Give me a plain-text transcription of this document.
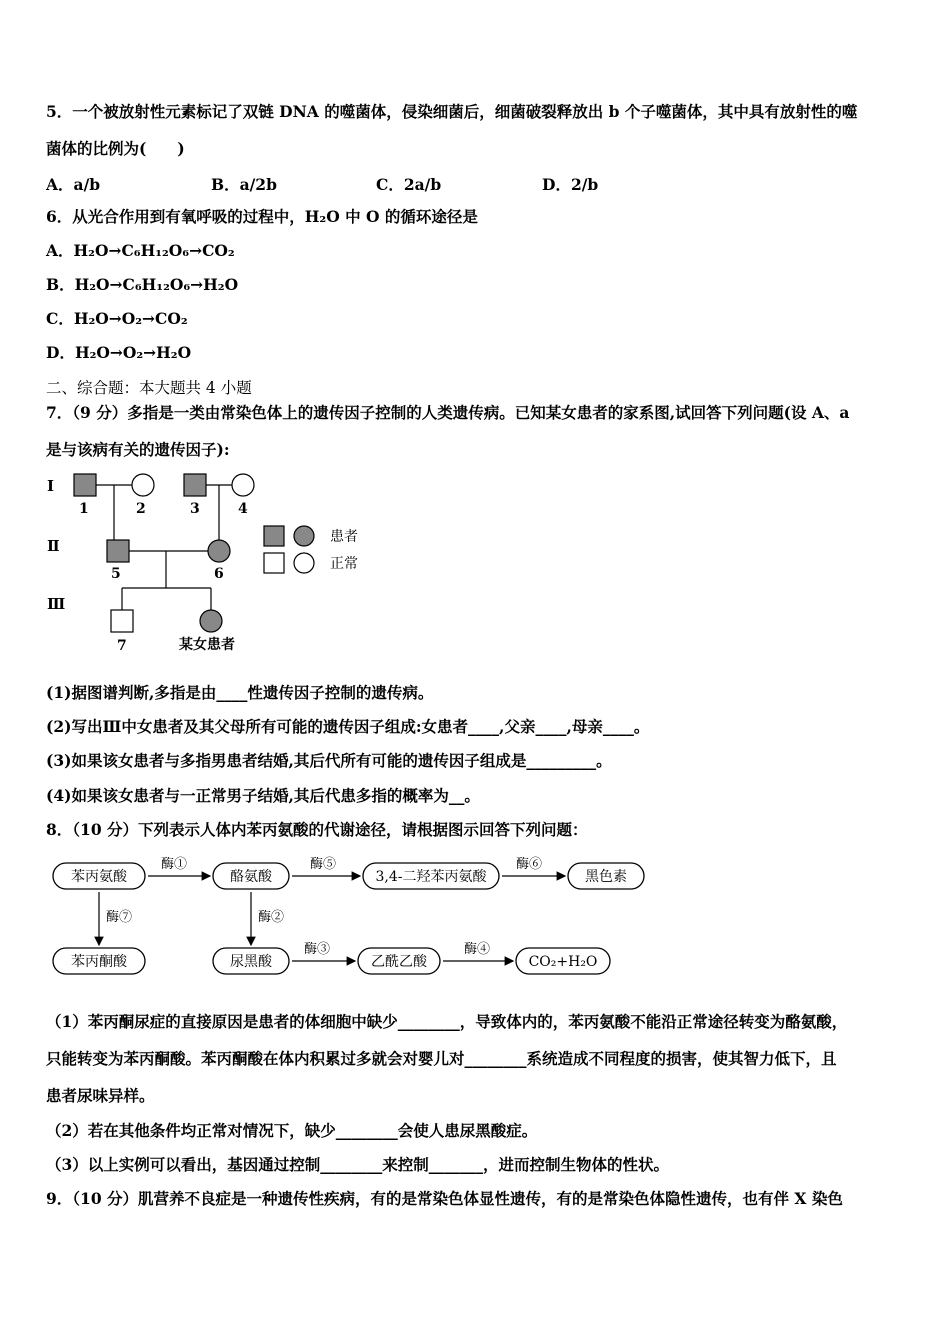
5．一个被放射性元素标记了双链 DNA 的噬菌体，侵染细菌后，细菌破裂释放出 b 个子噬菌体，其中具有放射性的噬
菌体的比例为(　　)
A．a/b	B．a/2b	C．2a/b	D．2/b
6．从光合作用到有氧呼吸的过程中，H₂O 中 O 的循环途径是
A．H₂O→C₆H₁₂O₆→CO₂
B．H₂O→C₆H₁₂O₆→H₂O
C．H₂O→O₂→CO₂
D．H₂O→O₂→H₂O
二、综合题：本大题共 4 小题
7．（9 分）多指是一类由常染色体上的遗传因子控制的人类遗传病。已知某女患者的家系图,试回答下列问题(设 A、a
是与该病有关的遗传因子):
Ⅰ
Ⅱ
Ⅲ
1	2	3	4
5	6
7	某女患者
患者
正常
(1)据图谱判断,多指是由____性遗传因子控制的遗传病。
(2)写出Ⅲ中女患者及其父母所有可能的遗传因子组成:女患者____,父亲____,母亲____。
(3)如果该女患者与多指男患者结婚,其后代所有可能的遗传因子组成是_________。
(4)如果该女患者与一正常男子结婚,其后代患多指的概率为__。
8．（10 分）下列表示人体内苯丙氨酸的代谢途径，请根据图示回答下列问题：
苯丙氨酸	酪氨酸	3,4-二羟苯丙氨酸	黑色素
苯丙酮酸	尿黑酸	乙酰乙酸	CO₂+H₂O
酶①	酶⑤	酶⑥
酶⑦	酶②
酶③	酶④
（1）苯丙酮尿症的直接原因是患者的体细胞中缺少________，导致体内的，苯丙氨酸不能沿正常途径转变为酪氨酸，
只能转变为苯丙酮酸。苯丙酮酸在体内积累过多就会对婴儿对________系统造成不同程度的损害，使其智力低下，且
患者尿味异样。
（2）若在其他条件均正常对情况下，缺少________会使人患尿黑酸症。
（3）以上实例可以看出，基因通过控制________来控制_______，进而控制生物体的性状。
9．（10 分）肌营养不良症是一种遗传性疾病，有的是常染色体显性遗传，有的是常染色体隐性遗传，也有伴 X 染色
